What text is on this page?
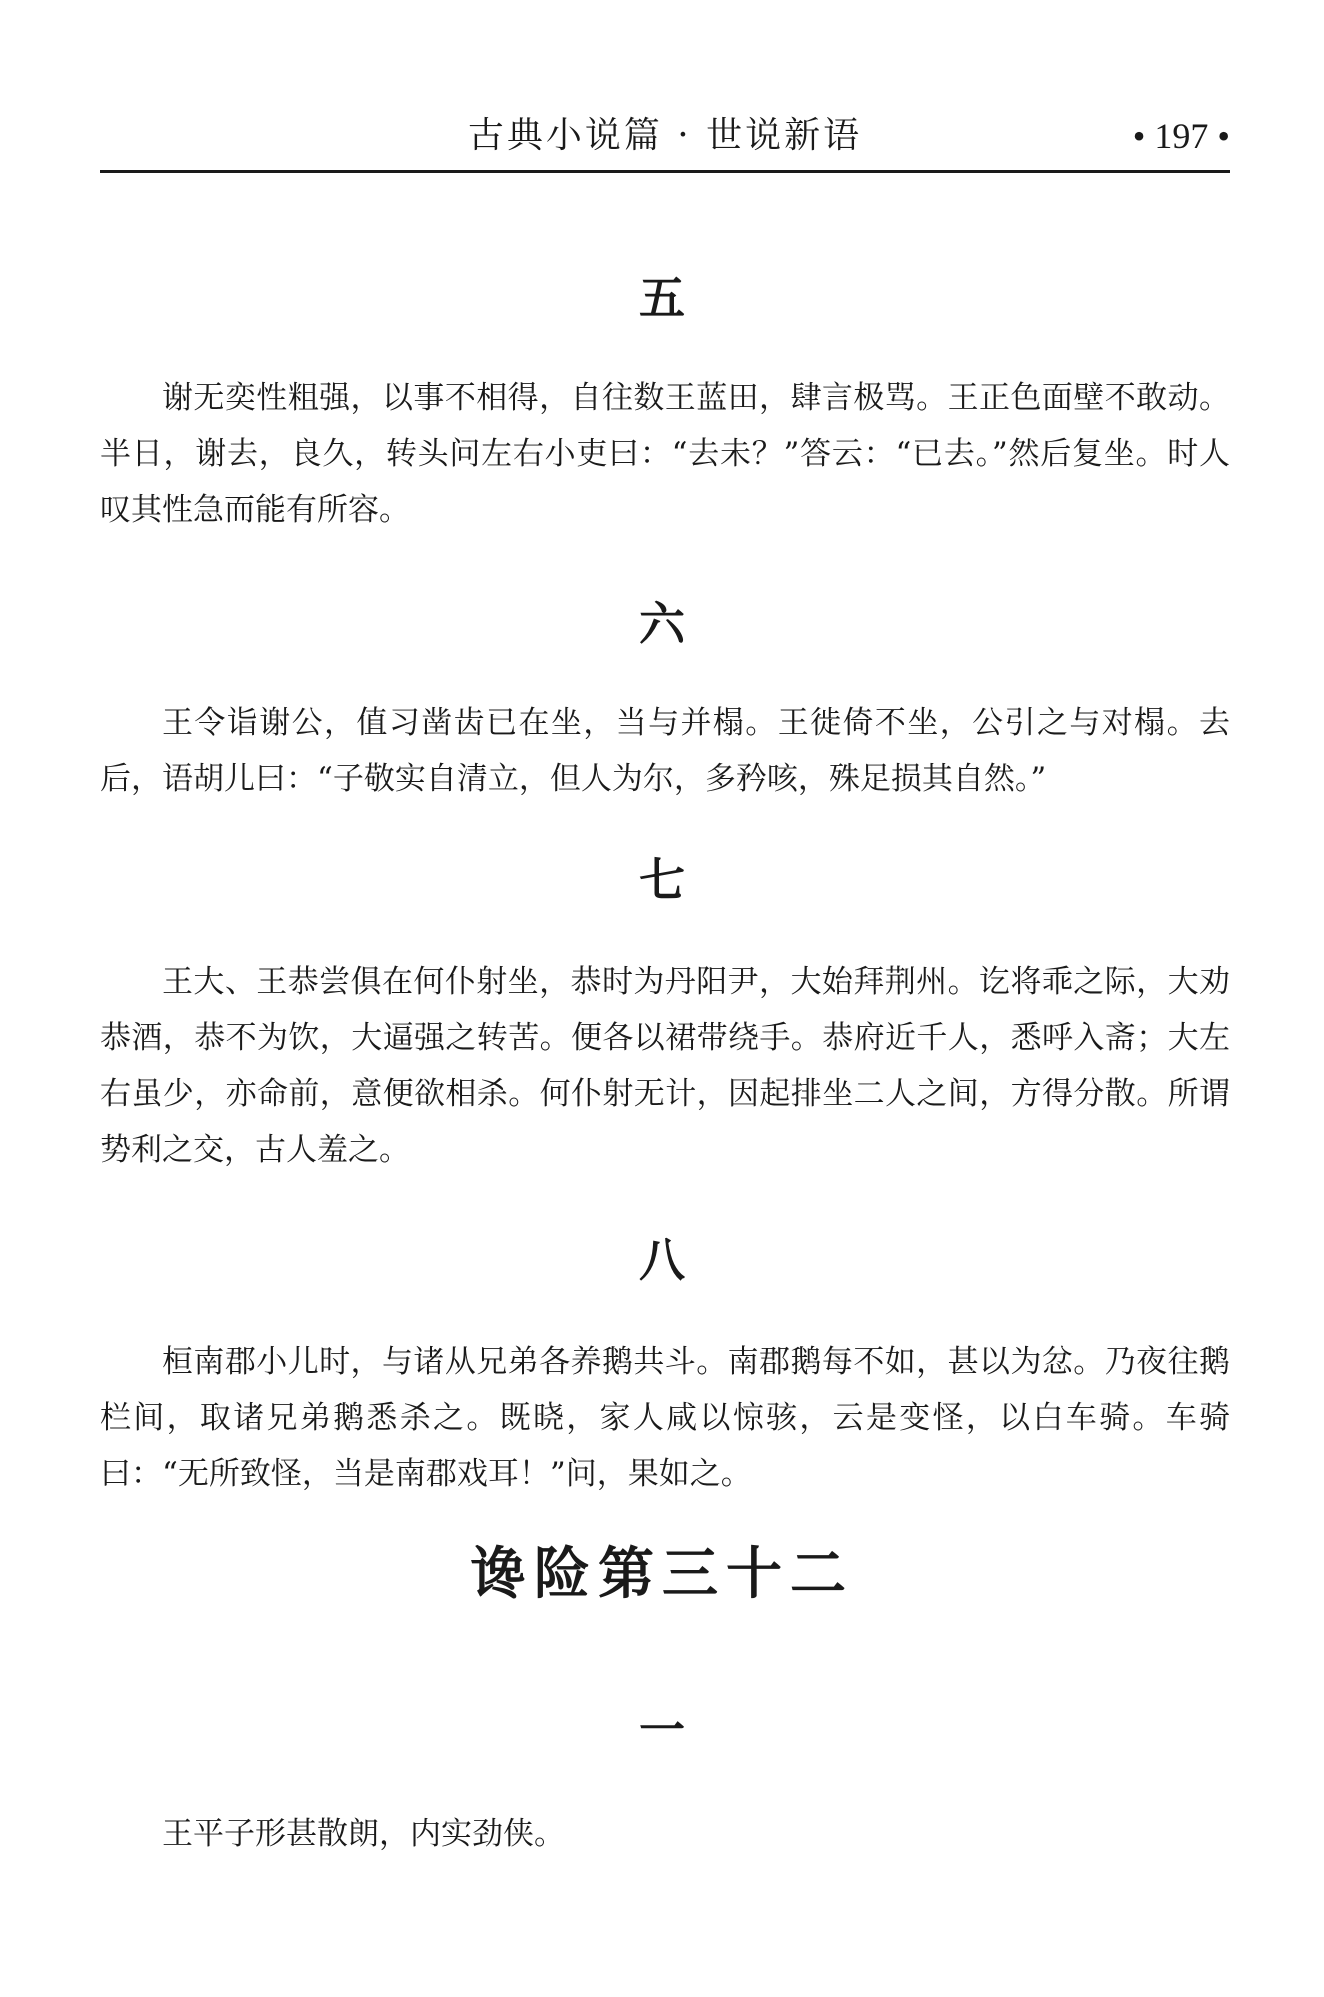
古典小说篇 · 世说新语	• 197 •
五

谢无奕性粗强，以事不相得，自往数王蓝田，肆言极骂。王正色面壁不敢动。半日，谢去，良久，转头问左右小吏曰：“去未？”答云：“已去。”然后复坐。时人叹其性急而能有所容。

六

王令诣谢公，值习凿齿已在坐，当与并榻。王徙倚不坐，公引之与对榻。去后，语胡儿曰：“子敬实自清立，但人为尔，多矜咳，殊足损其自然。”

七

王大、王恭尝俱在何仆射坐，恭时为丹阳尹，大始拜荆州。讫将乖之际，大劝恭酒，恭不为饮，大逼强之转苦。便各以裙带绕手。恭府近千人，悉呼入斋；大左右虽少，亦命前，意便欲相杀。何仆射无计，因起排坐二人之间，方得分散。所谓势利之交，古人羞之。

八

桓南郡小儿时，与诸从兄弟各养鹅共斗。南郡鹅每不如，甚以为忿。乃夜往鹅栏间，取诸兄弟鹅悉杀之。既晓，家人咸以惊骇，云是变怪，以白车骑。车骑曰：“无所致怪，当是南郡戏耳！”问，果如之。

谗险第三十二
一

王平子形甚散朗，内实劲侠。
